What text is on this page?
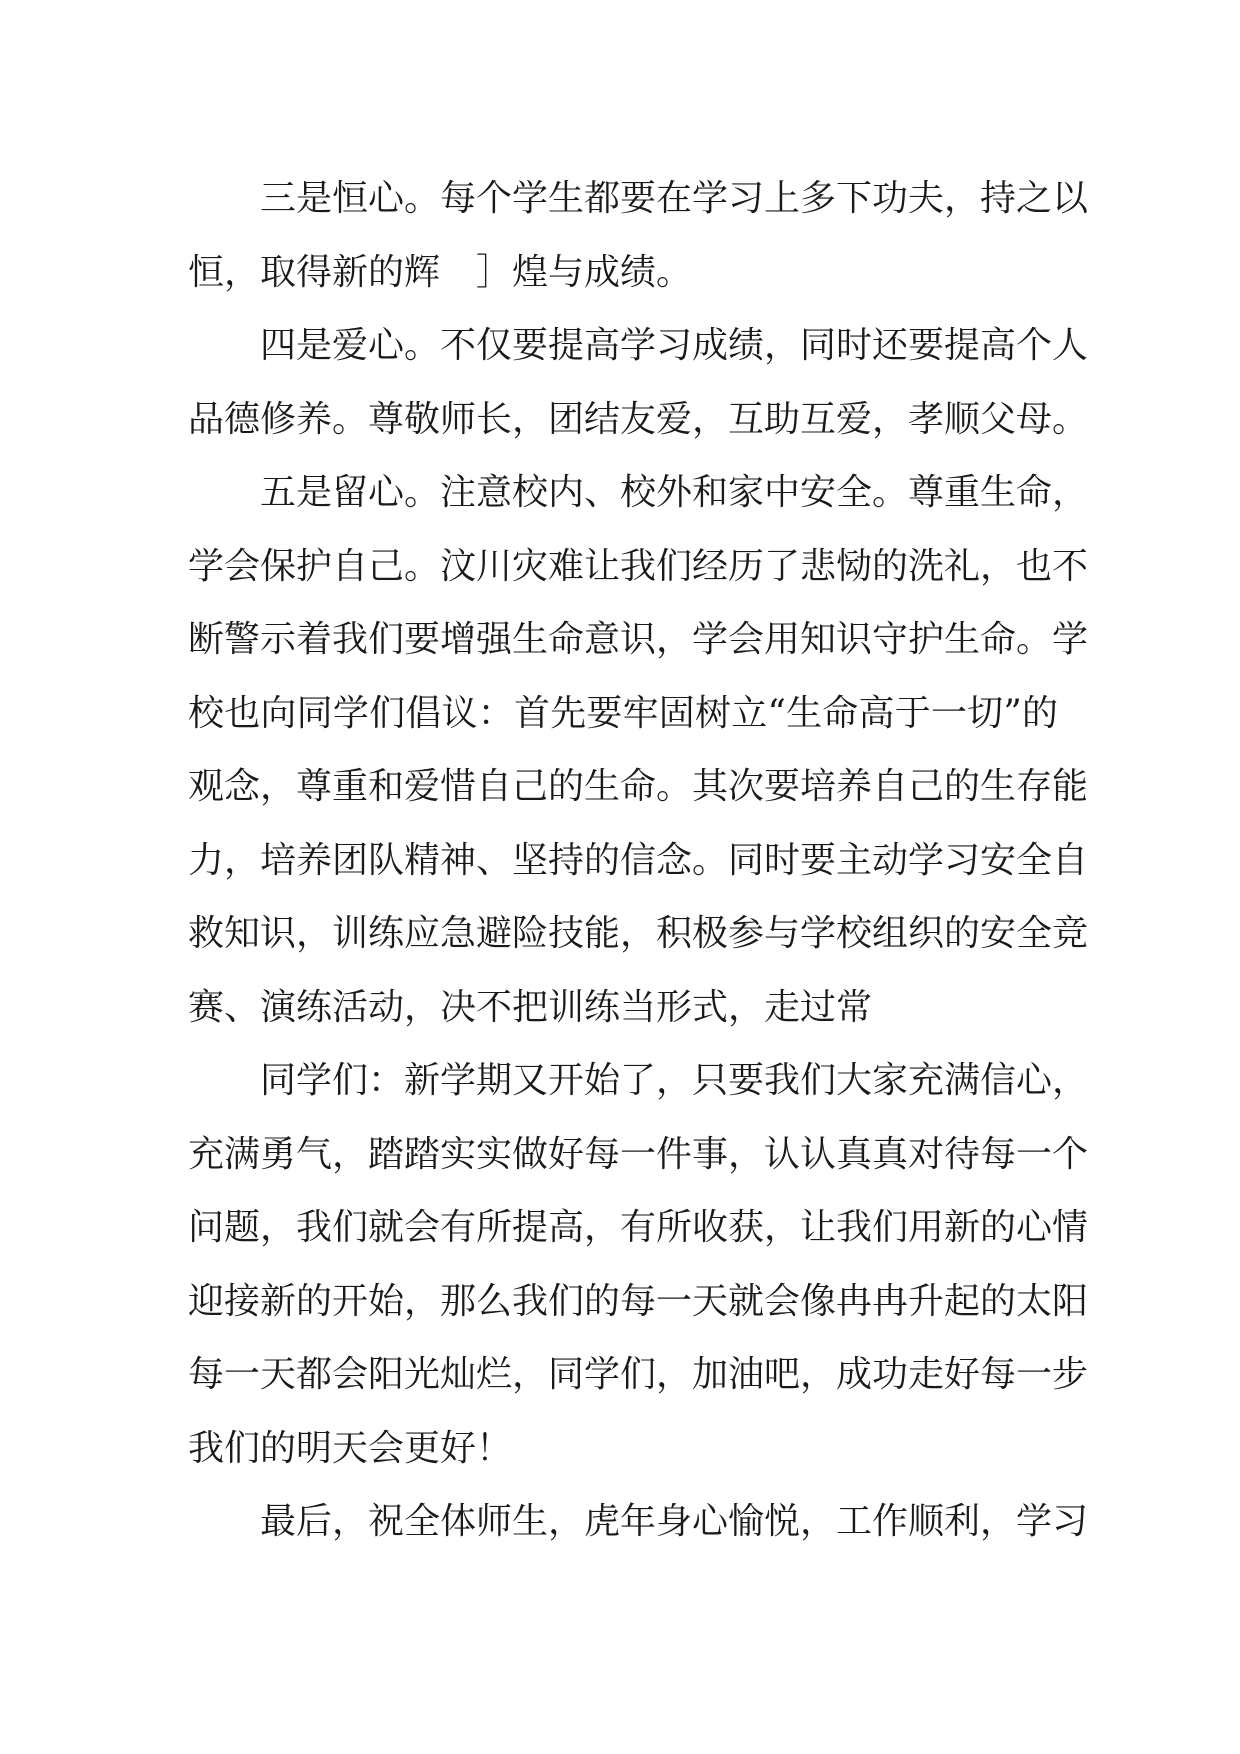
三是恒心。每个学生都要在学习上多下功夫，持之以
恒，取得新的辉　］煌与成绩。
四是爱心。不仅要提高学习成绩，同时还要提高个人
品德修养。尊敬师长，团结友爱，互助互爱，孝顺父母。
五是留心。注意校内、校外和家中安全。尊重生命，
学会保护自己。汶川灾难让我们经历了悲恸的洗礼，也不
断警示着我们要增强生命意识，学会用知识守护生命。学
校也向同学们倡议：首先要牢固树立“生命高于一切”的
观念，尊重和爱惜自己的生命。其次要培养自己的生存能
力，培养团队精神、坚持的信念。同时要主动学习安全自
救知识，训练应急避险技能，积极参与学校组织的安全竞
赛、演练活动，决不把训练当形式，走过常
同学们：新学期又开始了，只要我们大家充满信心，
充满勇气，踏踏实实做好每一件事，认认真真对待每一个
问题，我们就会有所提高，有所收获，让我们用新的心情
迎接新的开始，那么我们的每一天就会像冉冉升起的太阳
每一天都会阳光灿烂，同学们，加油吧，成功走好每一步
我们的明天会更好！
最后，祝全体师生，虎年身心愉悦，工作顺利，学习
